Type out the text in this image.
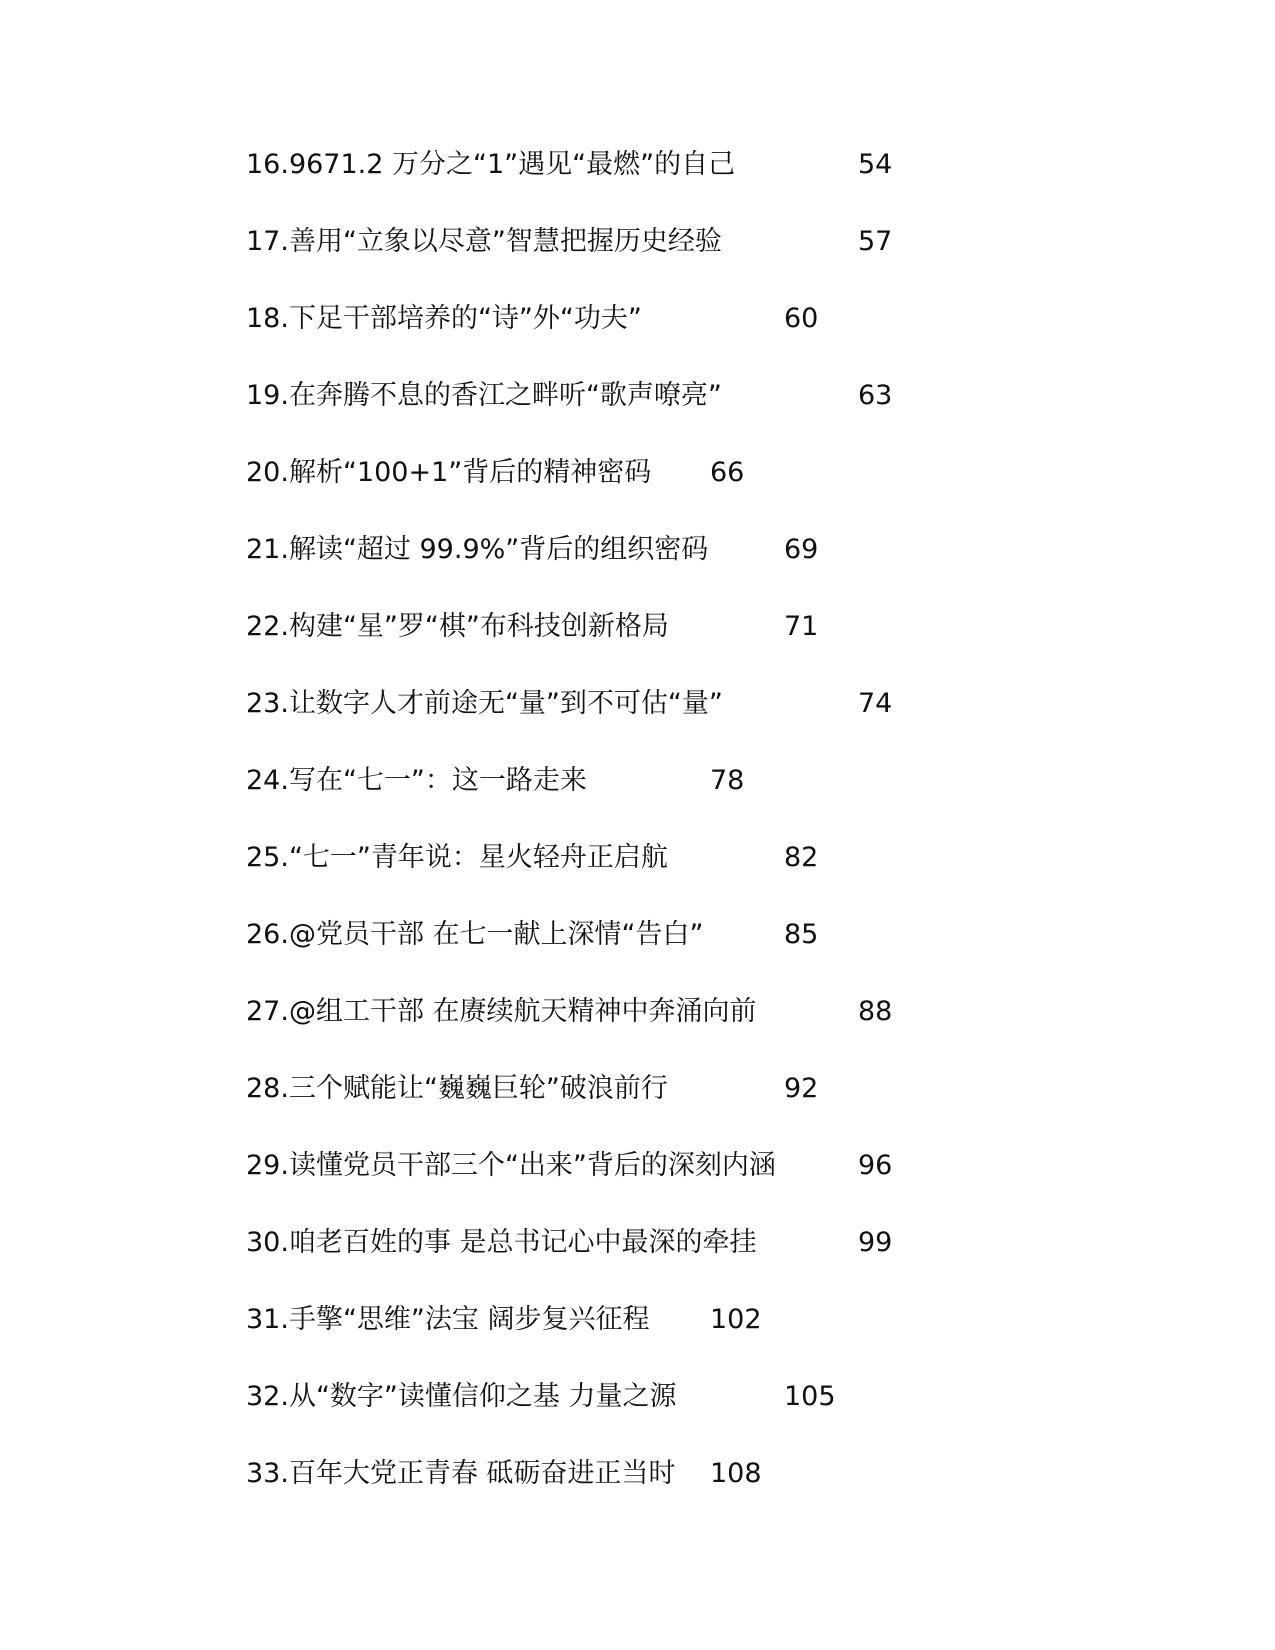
16.9671.2 万分之“1”遇见“最燃”的自己	54
17.善用“立象以尽意”智慧把握历史经验	57
18.下足干部培养的“诗”外“功夫”	60
19.在奔腾不息的香江之畔听“歌声嘹亮”	63
20.解析“100+1”背后的精神密码 66
21.解读“超过 99.9%”背后的组织密码	69
22.构建“星”罗“棋”布科技创新格局	71
23.让数字人才前途无“量”到不可估“量”	74
24.写在“七一”：这一路走来	78
25.“七一”青年说：星火轻舟正启航	82
26.@党员干部 在七一献上深情“告白”	85
27.@组工干部 在赓续航天精神中奔涌向前	88
28.三个赋能让“巍巍巨轮”破浪前行	92
29.读懂党员干部三个“出来”背后的深刻内涵	96
30.咱老百姓的事 是总书记心中最深的牵挂	99
31.手擎“思维”法宝 阔步复兴征程 102
32.从“数字”读懂信仰之基 力量之源	105
33.百年大党正青春 砥砺奋进正当时 108
